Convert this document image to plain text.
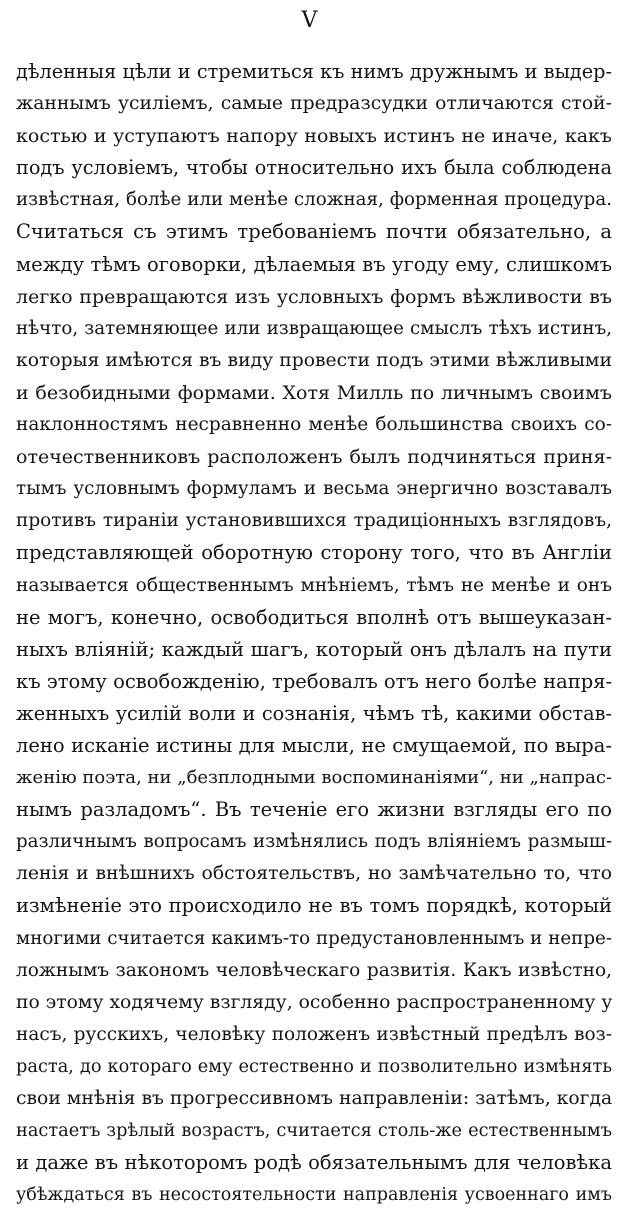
V
дѣленныя цѣли и стремиться къ нимъ дружнымъ и выдер-
жаннымъ усиліемъ, самые предразсудки отличаются стой-
костью и уступаютъ напору новыхъ истинъ не иначе, какъ
подъ условіемъ, чтобы относительно ихъ была соблюдена
извѣстная, болѣе или менѣе сложная, форменная процедура.
Считаться съ этимъ требованіемъ почти обязательно, а
между тѣмъ оговорки, дѣлаемыя въ угоду ему, слишкомъ
легко превращаются изъ условныхъ формъ вѣжливости въ
нѣчто, затемняющее или извращающее смыслъ тѣхъ истинъ,
которыя имѣются въ виду провести подъ этими вѣжливыми
и безобидными формами. Хотя Милль по личнымъ своимъ
наклонностямъ несравненно менѣе большинства своихъ со-
отечественниковъ расположенъ былъ подчиняться приня-
тымъ условнымъ формуламъ и весьма энергично возставалъ
противъ тираніи установившихся традиціонныхъ взглядовъ,
представляющей оборотную сторону того, что въ Англіи
называется общественнымъ мнѣніемъ, тѣмъ не менѣе и онъ
не могъ, конечно, освободиться вполнѣ отъ вышеуказан-
ныхъ вліяній; каждый шагъ, который онъ дѣлалъ на пути
къ этому освобожденію, требовалъ отъ него болѣе напря-
женныхъ усилій воли и сознанія, чѣмъ тѣ, какими обстав-
лено исканіе истины для мысли, не смущаемой, по выра-
женію поэта, ни „безплодными воспоминаніями“, ни „напрас-
нымъ разладомъ“. Въ теченіе его жизни взгляды его по
различнымъ вопросамъ измѣнялись подъ вліяніемъ размыш-
ленія и внѣшнихъ обстоятельствъ, но замѣчательно то, что
измѣненіе это происходило не въ томъ порядкѣ, который
многими считается какимъ-то предустановленнымъ и непре-
ложнымъ закономъ человѣческаго развитія. Какъ извѣстно,
по этому ходячему взгляду, особенно распространенному у
насъ, русскихъ, человѣку положенъ извѣстный предѣлъ воз-
раста, до котораго ему естественно и позволительно измѣнять
свои мнѣнія въ прогрессивномъ направленіи: затѣмъ, когда
настаетъ зрѣлый возрастъ, считается столь-же естественнымъ
и даже въ нѣкоторомъ родѣ обязательнымъ для человѣка
убѣждаться въ несостоятельности направленія усвоеннаго имъ
